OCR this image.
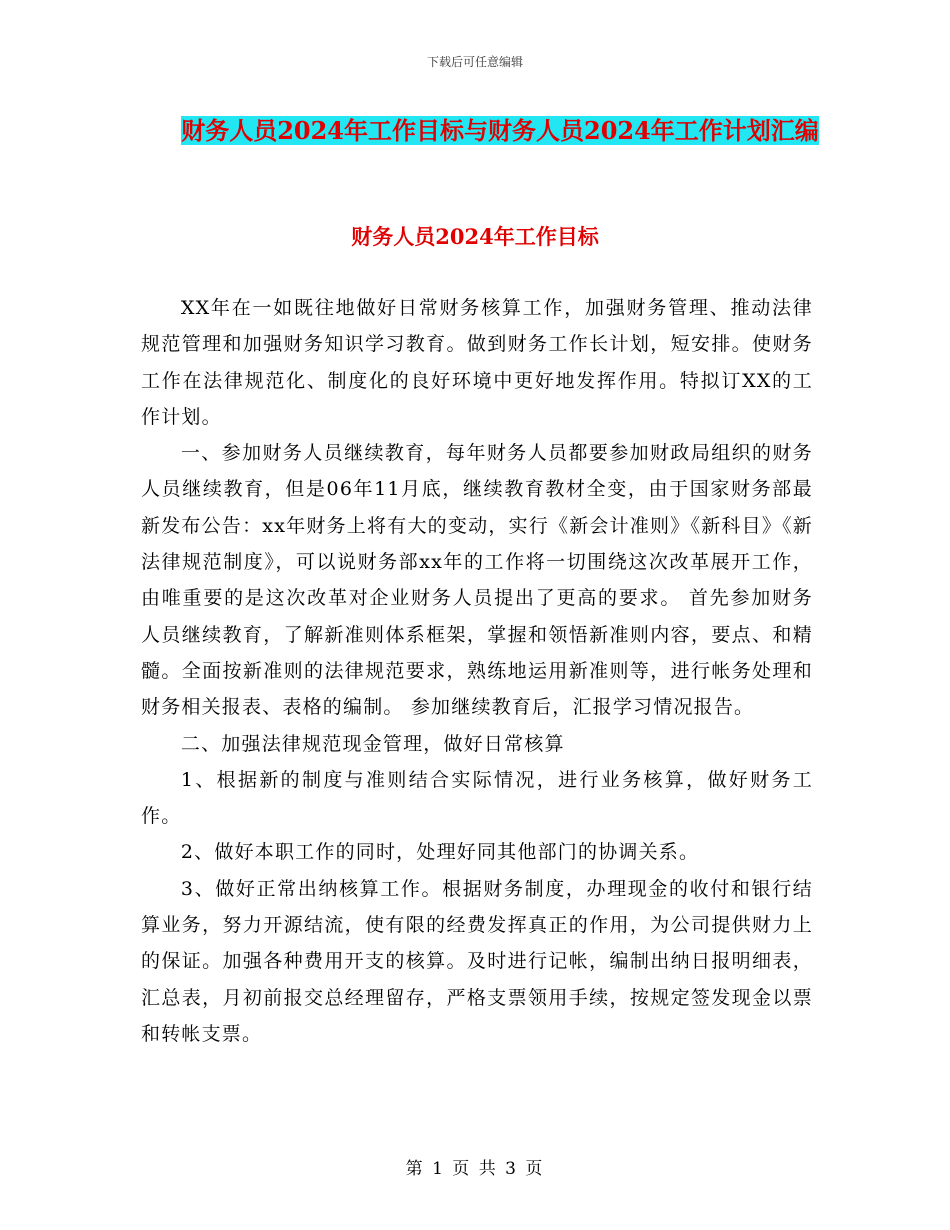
下载后可任意编辑
财务人员2024年工作目标与财务人员2024年工作计划汇编
财务人员2024年工作目标

XX年在一如既往地做好日常财务核算工作，加强财务管理、推动法律规范管理和加强财务知识学习教育。做到财务工作长计划，短安排。使财务工作在法律规范化、制度化的良好环境中更好地发挥作用。特拟订XX的工作计划。

一、参加财务人员继续教育，每年财务人员都要参加财政局组织的财务人员继续教育，但是06年11月底，继续教育教材全变，由于国家财务部最新发布公告：xx年财务上将有大的变动，实行《新会计准则》《新科目》《新法律规范制度》，可以说财务部xx年的工作将一切围绕这次改革展开工作，由唯重要的是这次改革对企业财务人员提出了更高的要求。 首先参加财务人员继续教育，了解新准则体系框架，掌握和领悟新准则内容，要点、和精髓。全面按新准则的法律规范要求，熟练地运用新准则等，进行帐务处理和财务相关报表、表格的编制。 参加继续教育后，汇报学习情况报告。

二、加强法律规范现金管理，做好日常核算

1、根据新的制度与准则结合实际情况，进行业务核算，做好财务工作。

2、做好本职工作的同时，处理好同其他部门的协调关系。

3、做好正常出纳核算工作。根据财务制度，办理现金的收付和银行结算业务，努力开源结流，使有限的经费发挥真正的作用，为公司提供财力上的保证。加强各种费用开支的核算。及时进行记帐，编制出纳日报明细表，汇总表，月初前报交总经理留存，严格支票领用手续，按规定签发现金以票和转帐支票。

第 1 页 共 3 页
